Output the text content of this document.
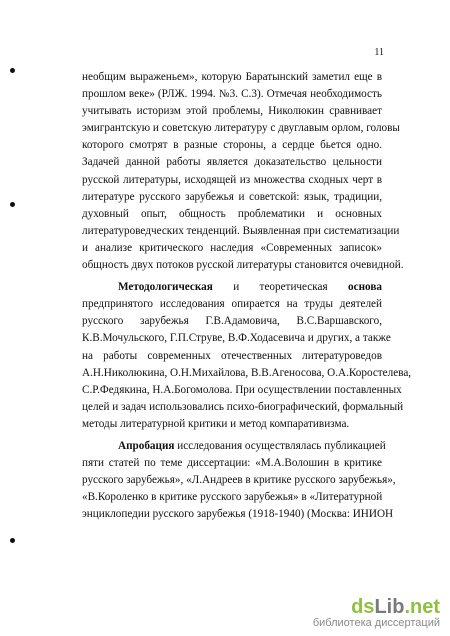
11
необщим выраженьем», которую Баратынский заметил еще в
прошлом веке» (РЛЖ. 1994. №3. С.3). Отмечая необходимость
учитывать историзм этой проблемы, Николюкин сравнивает
эмигрантскую и советскую литературу с двуглавым орлом, головы
которого смотрят в разные стороны, а сердце бьется одно.
Задачей данной работы является доказательство цельности
русской литературы, исходящей из множества сходных черт в
литературе русского зарубежья и советской: язык, традиции,
духовный опыт, общность проблематики и основных
литературоведческих тенденций. Выявленная при систематизации
и анализе критического наследия «Современных записок»
общность двух потоков русской литературы становится очевидной.
Методологическая и теоретическая основа
предпринятого исследования опирается на труды деятелей
русского зарубежья Г.В.Адамовича, В.С.Варшавского,
К.В.Мочульского, Г.П.Струве, В.Ф.Ходасевича и других, а также
на работы современных отечественных литературоведов
А.Н.Николюкина, О.Н.Михайлова, В.В.Агеносова, О.А.Коростелева,
С.Р.Федякина, Н.А.Богомолова. При осуществлении поставленных
целей и задач использовались психо-биографический, формальный
методы литературной критики и метод компаративизма.
Апробация исследования осуществлялась публикацией
пяти статей по теме диссертации: «М.А.Волошин в критике
русского зарубежья», «Л.Андреев в критике русского зарубежья»,
«В.Короленко в критике русского зарубежья» в «Литературной
энциклопедии русского зарубежья (1918-1940) (Москва: ИНИОН
dsLib.net
библиотека диссертаций
